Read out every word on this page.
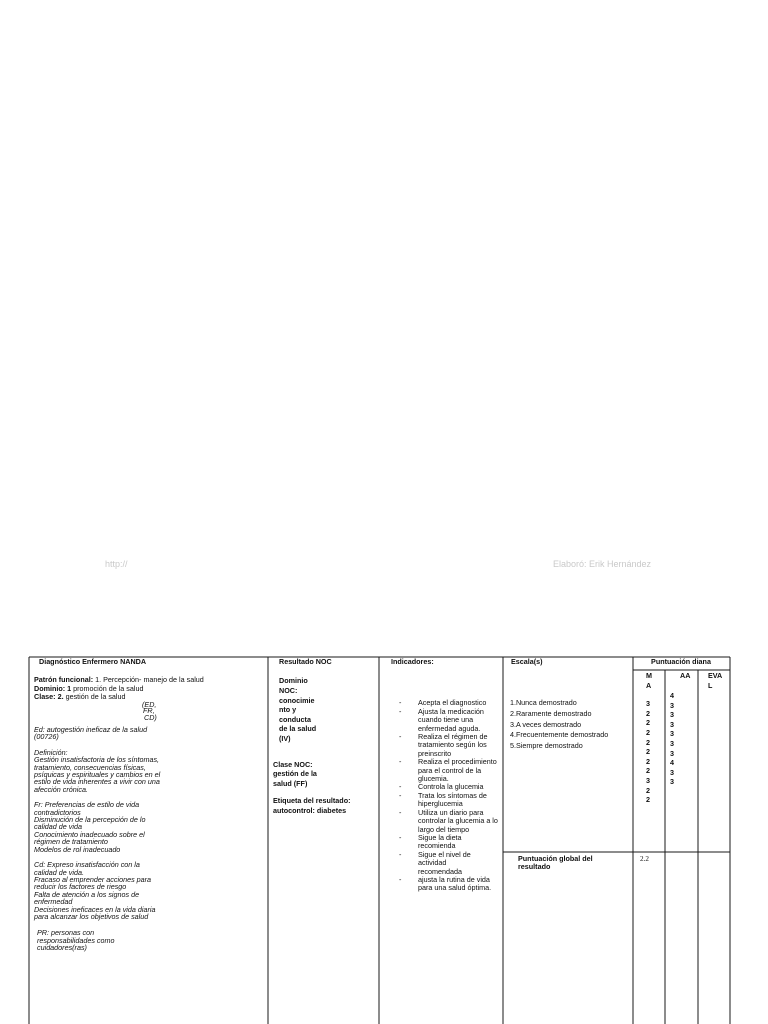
http://	Elaboró: Erik Hernández
Diagnóstico Enfermero NANDA
Patrón funcional: 1. Percepción- manejo de la salud
Dominio: 1 promoción de la salud
Clase: 2. gestión de la salud
(ED,
FR,
CD)
Ed: autogestión ineficaz de la salud (00726)
Definición:
Gestión insatisfactoria de los síntomas, tratamiento, consecuencias físicas, psíquicas y espirituales y cambios en el estilo de vida inherentes a vivir con una afección crónica.
Fr: Preferencias de estilo de vida contradictorios
Disminución de la percepción de lo calidad de vida
Conocimiento inadecuado sobre el régimen de tratamiento
Modelos de rol inadecuado
Cd: Expreso insatisfacción con la calidad de vida.
Fracaso al emprender acciones para reducir los factores de riesgo
Falta de atención a los signos de enfermedad
Decisiones ineficaces en la vida diaria para alcanzar los objetivos de salud
PR: personas con responsabilidades como cuidadores(ras)
Resultado NOC
Dominio
NOC:
conocimie
nto y
conducta
de la salud
(IV)
Clase NOC:
gestión de la
salud (FF)
Etiqueta del resultado:
autocontrol: diabetes
Indicadores:
- Acepta el diagnostico
- Ajusta la medicación cuando tiene una enfermedad aguda.
- Realiza el régimen de tratamiento según los preinscrito
- Realiza el procedimiento para el control de la glucemia.
- Controla la glucemia
- Trata los síntomas de hiperglucemia
- Utiliza un diario para controlar la glucemia a lo largo del tiempo
- Sigue la dieta recomienda
- Sigue el nivel de actividad recomendada
- ajusta la rutina de vida para una salud óptima.
Escala(s)
1.Nunca demostrado
2.Raramente demostrado
3.A veces demostrado
4.Frecuentemente demostrado
5.Siempre demostrado
Puntuación diana
M
A
3
2
2
2
2
2
2
2
3
2
2
AA
4
3
3
3
3
3
3
4
3
3
EVA
L
Puntuación global del resultado
2.2
